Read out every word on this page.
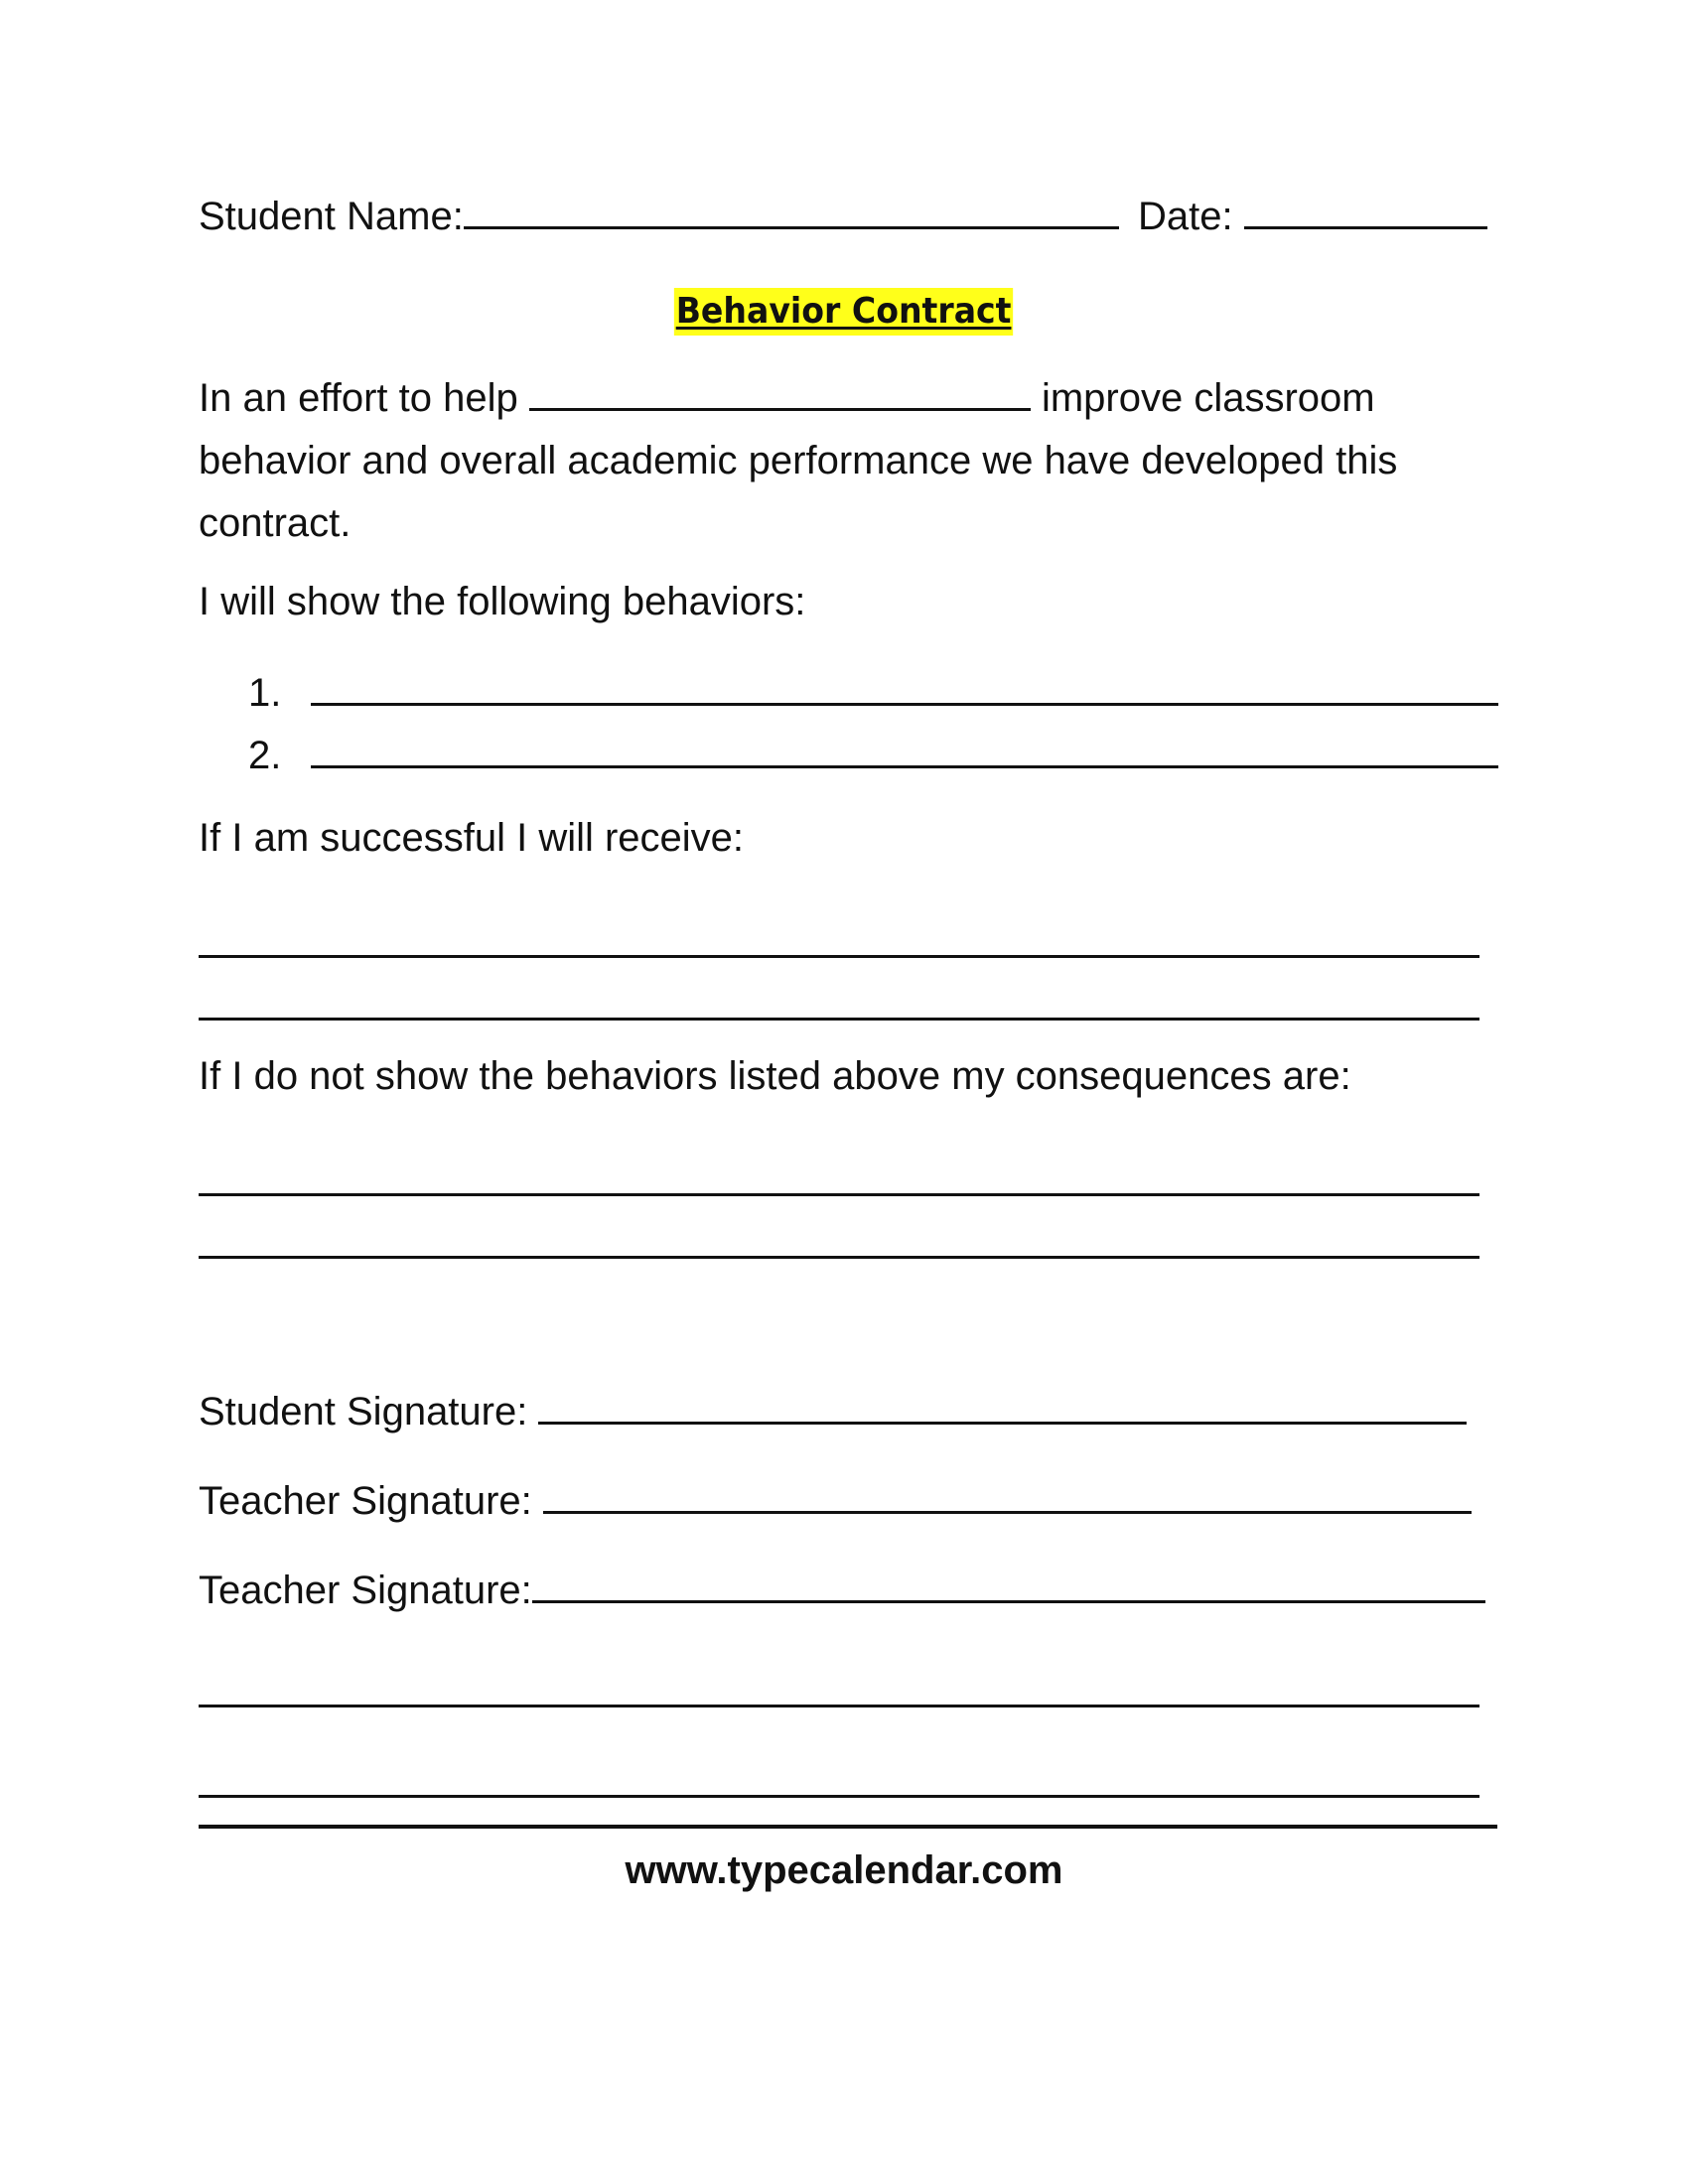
Student Name:	Date:
Behavior Contract
In an effort to help	improve classroom behavior and overall academic performance we have developed this contract.
I will show the following behaviors:
1.
2.
If I am successful I will receive:
If I do not show the behaviors listed above my consequences are:
Student Signature:
Teacher Signature:
Teacher Signature:
www.typecalendar.com
